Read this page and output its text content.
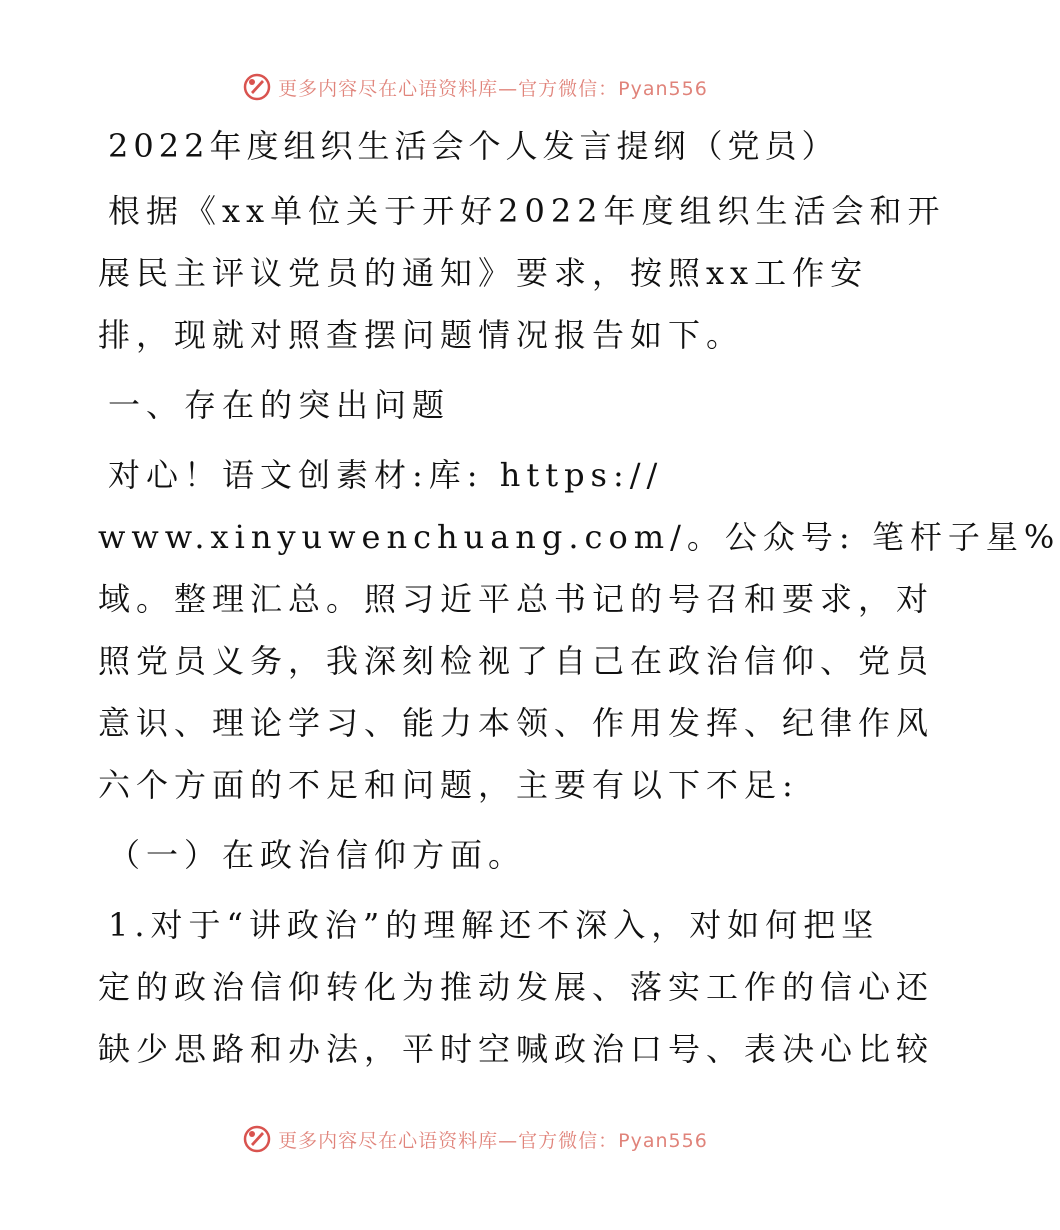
更多内容尽在心语资料库—官方微信：Pyan556
2022年度组织生活会个人发言提纲（党员）
根据《xx单位关于开好2022年度组织生活会和开
展民主评议党员的通知》要求，按照xx工作安
排，现就对照查摆问题情况报告如下。
一、存在的突出问题
对心！语文创素材:库: https://
www.xinyuwenchuang.com/。公众号: 笔杆子星%
域。整理汇总。照习近平总书记的号召和要求，对
照党员义务，我深刻检视了自己在政治信仰、党员
意识、理论学习、能力本领、作用发挥、纪律作风
六个方面的不足和问题，主要有以下不足:
（一）在政治信仰方面。
1.对于“讲政治”的理解还不深入，对如何把坚
定的政治信仰转化为推动发展、落实工作的信心还
缺少思路和办法，平时空喊政治口号、表决心比较
更多内容尽在心语资料库—官方微信：Pyan556
